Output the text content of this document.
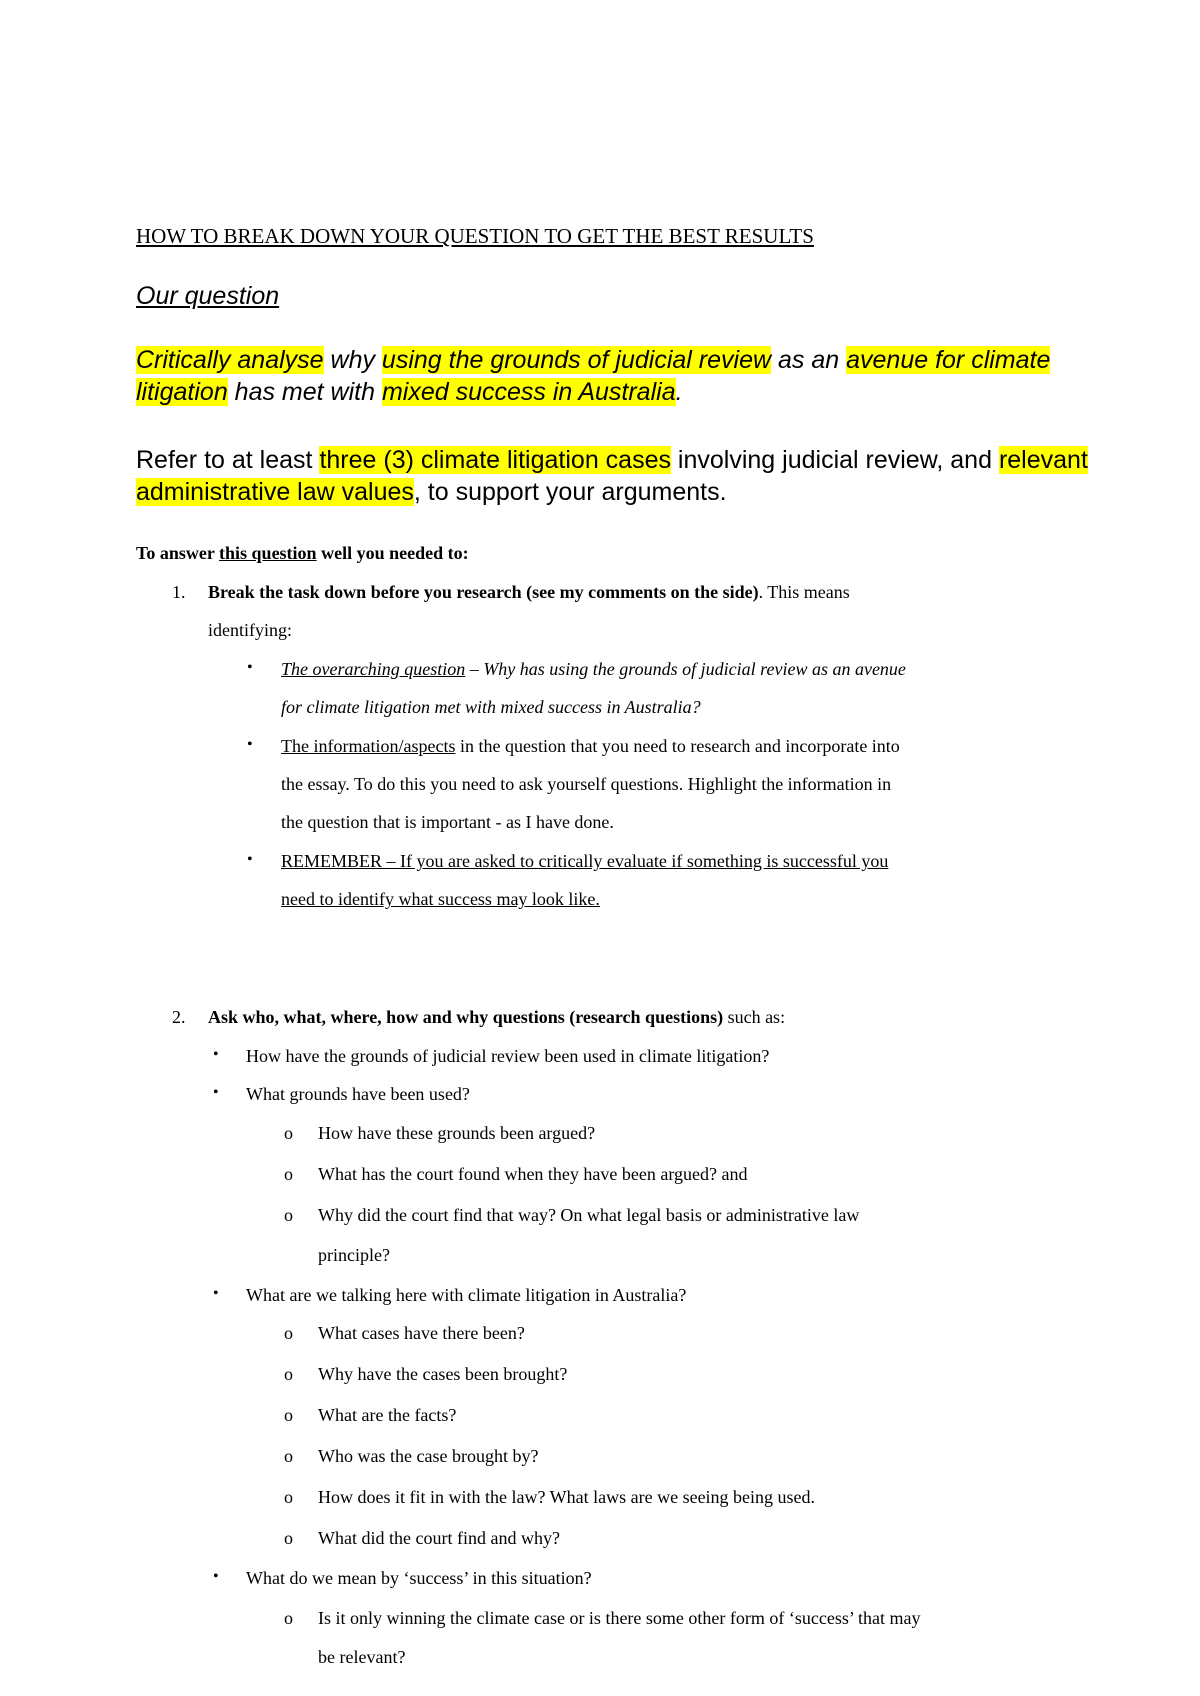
HOW TO BREAK DOWN YOUR QUESTION TO GET THE BEST RESULTS
Our question
Critically analyse why using the grounds of judicial review as an avenue for climate litigation has met with mixed success in Australia.
Refer to at least three (3) climate litigation cases involving judicial review, and relevant administrative law values, to support your arguments.
To answer this question well you needed to:
1. Break the task down before you research (see my comments on the side). This means
identifying:
• The overarching question – Why has using the grounds of judicial review as an avenue
for climate litigation met with mixed success in Australia?
• The information/aspects in the question that you need to research and incorporate into
the essay. To do this you need to ask yourself questions. Highlight the information in
the question that is important - as I have done.
• REMEMBER – If you are asked to critically evaluate if something is successful you
need to identify what success may look like.
2. Ask who, what, where, how and why questions (research questions) such as:
• How have the grounds of judicial review been used in climate litigation?
• What grounds have been used?
o How have these grounds been argued?
o What has the court found when they have been argued? and
o Why did the court find that way? On what legal basis or administrative law
principle?
• What are we talking here with climate litigation in Australia?
o What cases have there been?
o Why have the cases been brought?
o What are the facts?
o Who was the case brought by?
o How does it fit in with the law? What laws are we seeing being used.
o What did the court find and why?
• What do we mean by ‘success’ in this situation?
o Is it only winning the climate case or is there some other form of ‘success’ that may
be relevant?
